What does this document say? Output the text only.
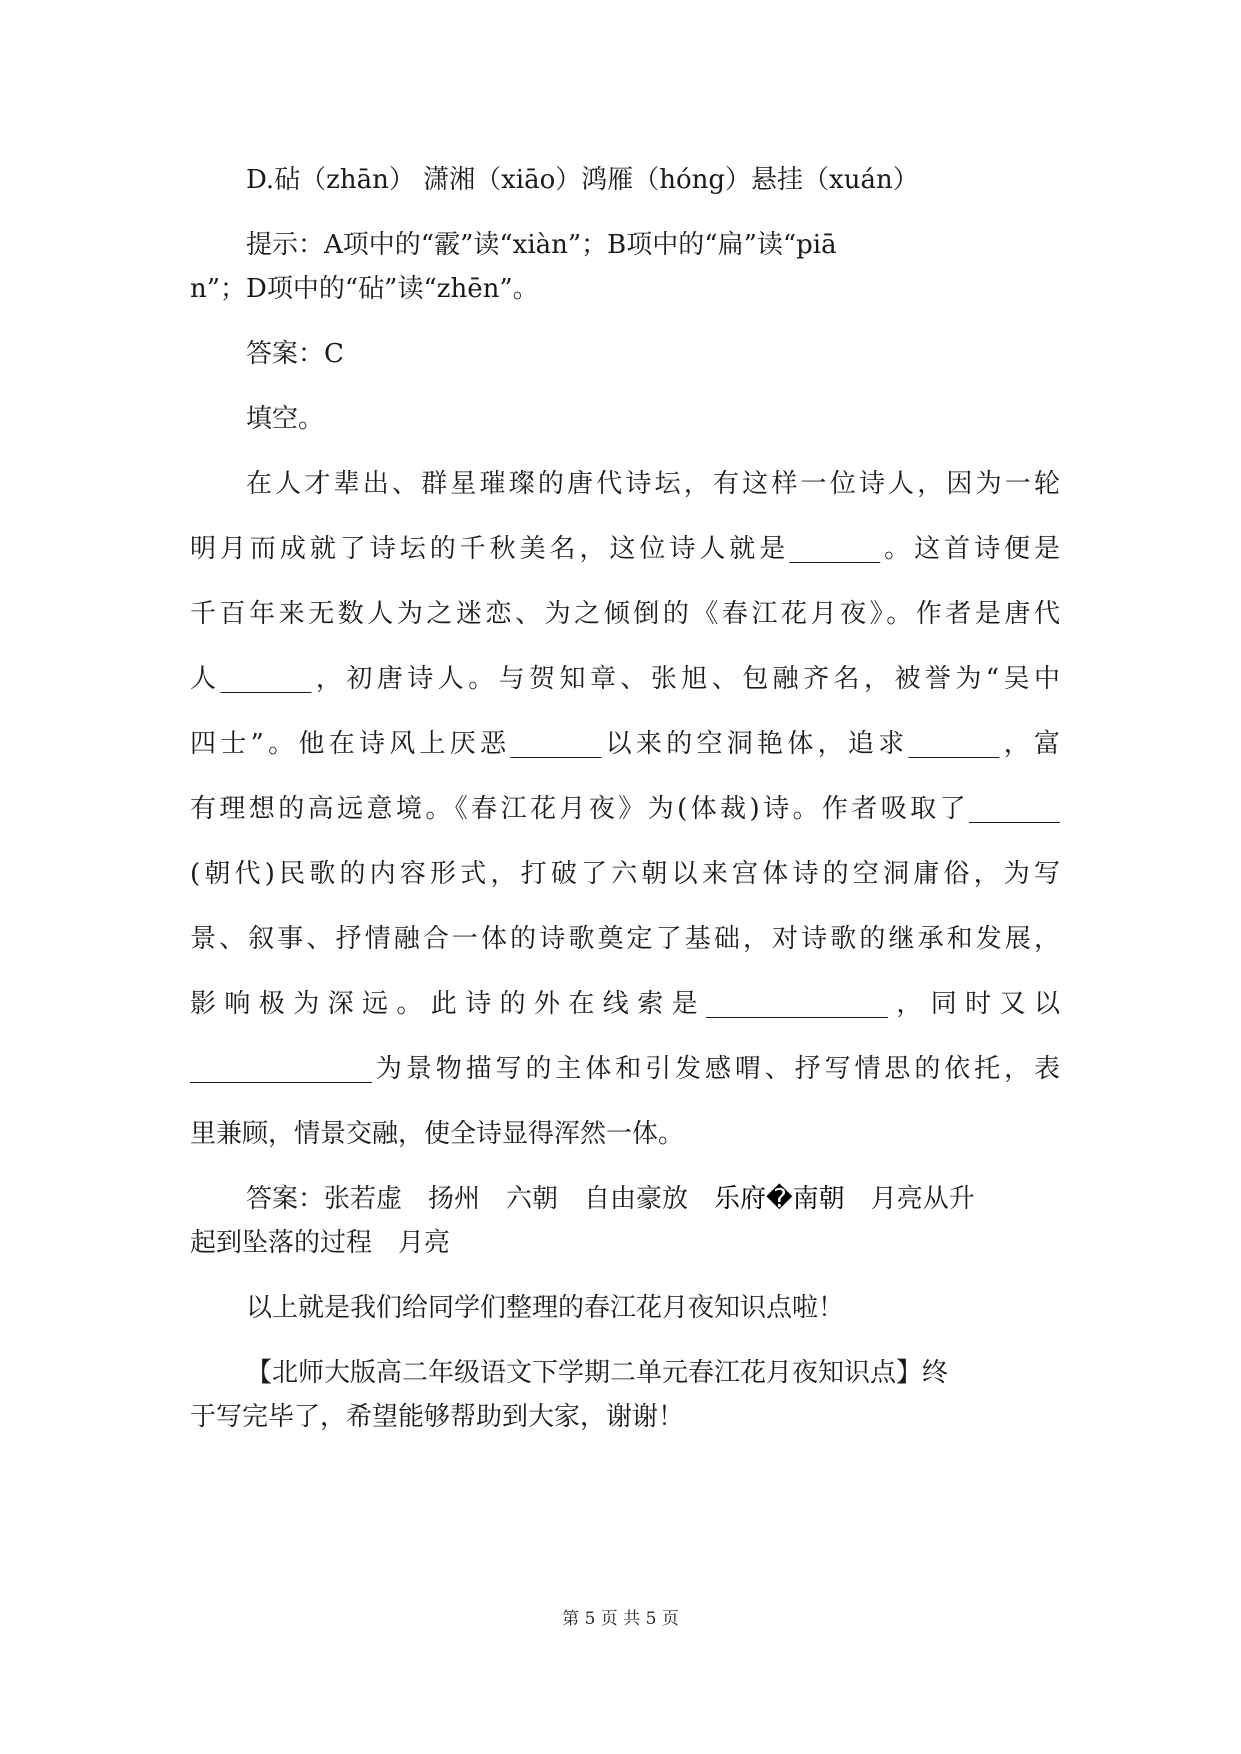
D.砧（zhān） 潇湘（xiāo）鸿雁（hóng）悬挂（xuán）

提示：A项中的“霰”读“xiàn”；B项中的“扁”读“piā

n”；D项中的“砧”读“zhēn”。

答案：C

填空。

在人才辈出、群星璀璨的唐代诗坛，有这样一位诗人，因为一轮

明月而成就了诗坛的千秋美名，这位诗人就是_______。这首诗便是

千百年来无数人为之迷恋、为之倾倒的《春江花月夜》。作者是唐代

人_______，初唐诗人。与贺知章、张旭、包融齐名，被誉为“吴中

四士”。他在诗风上厌恶_______以来的空洞艳体，追求_______，富

有理想的高远意境。《春江花月夜》为(体裁)诗。作者吸取了_______

(朝代)民歌的内容形式，打破了六朝以来宫体诗的空洞庸俗，为写

景、叙事、抒情融合一体的诗歌奠定了基础，对诗歌的继承和发展，

影响极为深远。此诗的外在线索是______________，同时又以

______________为景物描写的主体和引发感喟、抒写情思的依托，表

里兼顾，情景交融，使全诗显得浑然一体。

答案：张若虚　扬州　六朝　自由豪放　乐府�南朝　月亮从升

起到坠落的过程　月亮

以上就是我们给同学们整理的春江花月夜知识点啦！

【北师大版高二年级语文下学期二单元春江花月夜知识点】终

于写完毕了，希望能够帮助到大家，谢谢！

第 5 页 共 5 页
